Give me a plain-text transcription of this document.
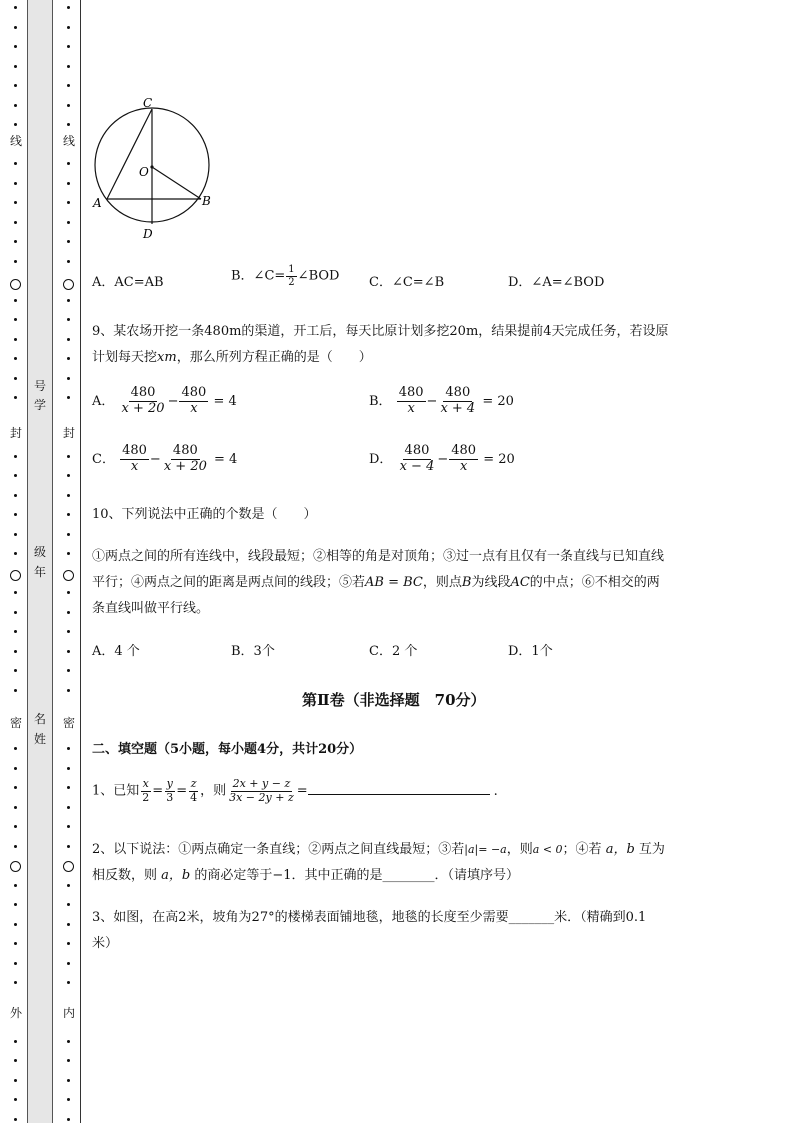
线
封
密
外
线
封
密
内
号
学
级
年
名
姓
C
O
A	B
D
A．AC=AB	B．∠C= $\frac{1}{2}$ ∠BOD C．∠C=∠B	D．∠A=∠BOD
9、某农场开挖一条480m的渠道，开工后，每天比原计划多挖20m，结果提前4天完成任务，若设原
计划每天挖xm，那么所列方程正确的是（　　）
A． $\frac{480}{x + 20} - \frac{480}{x} = 4$	B． $\frac{480}{x} - \frac{480}{x + 4} = 20$
C． $\frac{480}{x} - \frac{480}{x + 20} = 4$	D． $\frac{480}{x - 4} - \frac{480}{x} = 20$
10、下列说法中正确的个数是（　　）
①两点之间的所有连线中，线段最短；②相等的角是对顶角；③过一点有且仅有一条直线与已知直线
平行；④两点之间的距离是两点间的线段；⑤若AB = BC，则点B为线段AC的中点；⑥不相交的两
条直线叫做平行线。
A．4 个	B．3个	C．2 个	D．1个
第Ⅱ卷（非选择题　70分）
二、填空题（5小题，每小题4分，共计20分）
1、已知 $\frac{x}{2} = \frac{y}{3} = \frac{z}{4}$ ，则 $\frac{2x + y - z}{3x - 2y + z}$ =	.
2、以下说法：①两点确定一条直线；②两点之间直线最短；③若|a|= −a，则a < 0；④若 a，b 互为
相反数，则 a，b 的商必定等于−1．其中正确的是________．（请填序号）
3、如图，在高2米，坡角为27°的楼梯表面铺地毯，地毯的长度至少需要_______米．（精确到0.1
米）
